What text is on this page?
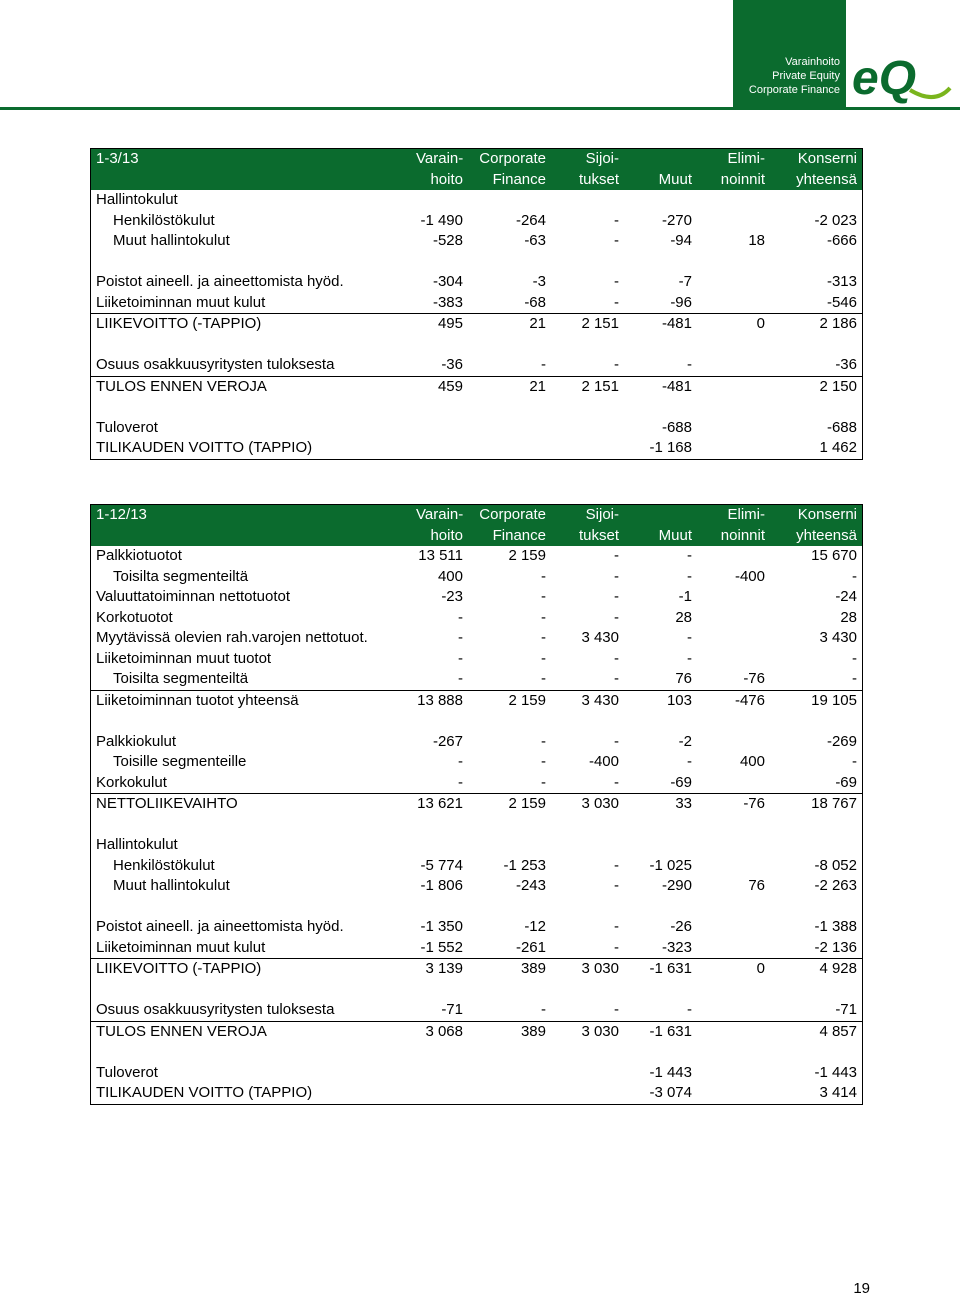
Varainhoito
Private Equity
Corporate Finance eQ
1-3/13	Varain-	Corporate	Sijoi-		Elimi-	Konserni
	hoito	Finance	tukset	Muut	noinnit	yhteensä
Hallintokulut						
Henkilöstökulut	-1 490	-264	-	-270		-2 023
Muut hallintokulut	-528	-63	-	-94	18	-666

Poistot aineell. ja aineettomista hyöd.	-304	-3	-	-7		-313
Liiketoiminnan muut kulut	-383	-68	-	-96		-546
LIIKEVOITTO (-TAPPIO)	495	21	2 151	-481	0	2 186

Osuus osakkuusyritysten tuloksesta	-36	-	-	-		-36
TULOS ENNEN VEROJA	459	21	2 151	-481		2 150

Tuloverot				-688		-688
TILIKAUDEN VOITTO (TAPPIO)				-1 168		1 462
1-12/13	Varain-	Corporate	Sijoi-		Elimi-	Konserni
	hoito	Finance	tukset	Muut	noinnit	yhteensä
Palkkiotuotot	13 511	2 159	-	-		15 670
Toisilta segmenteiltä	400	-	-	-	-400	-
Valuuttatoiminnan nettotuotot	-23	-	-	-1		-24
Korkotuotot	-	-	-	28		28
Myytävissä olevien rah.varojen nettotuot.	-	-	3 430	-		3 430
Liiketoiminnan muut tuotot	-	-	-	-		-
Toisilta segmenteiltä	-	-	-	76	-76	-
Liiketoiminnan tuotot yhteensä	13 888	2 159	3 430	103	-476	19 105

Palkkiokulut	-267	-	-	-2		-269
Toisille segmenteille	-	-	-400	-	400	-
Korkokulut	-	-	-	-69		-69
NETTOLIIKEVAIHTO	13 621	2 159	3 030	33	-76	18 767

Hallintokulut						
Henkilöstökulut	-5 774	-1 253	-	-1 025		-8 052
Muut hallintokulut	-1 806	-243	-	-290	76	-2 263

Poistot aineell. ja aineettomista hyöd.	-1 350	-12	-	-26		-1 388
Liiketoiminnan muut kulut	-1 552	-261	-	-323		-2 136
LIIKEVOITTO (-TAPPIO)	3 139	389	3 030	-1 631	0	4 928

Osuus osakkuusyritysten tuloksesta	-71	-	-	-		-71
TULOS ENNEN VEROJA	3 068	389	3 030	-1 631		4 857

Tuloverot				-1 443		-1 443
TILIKAUDEN VOITTO (TAPPIO)				-3 074		3 414
19
